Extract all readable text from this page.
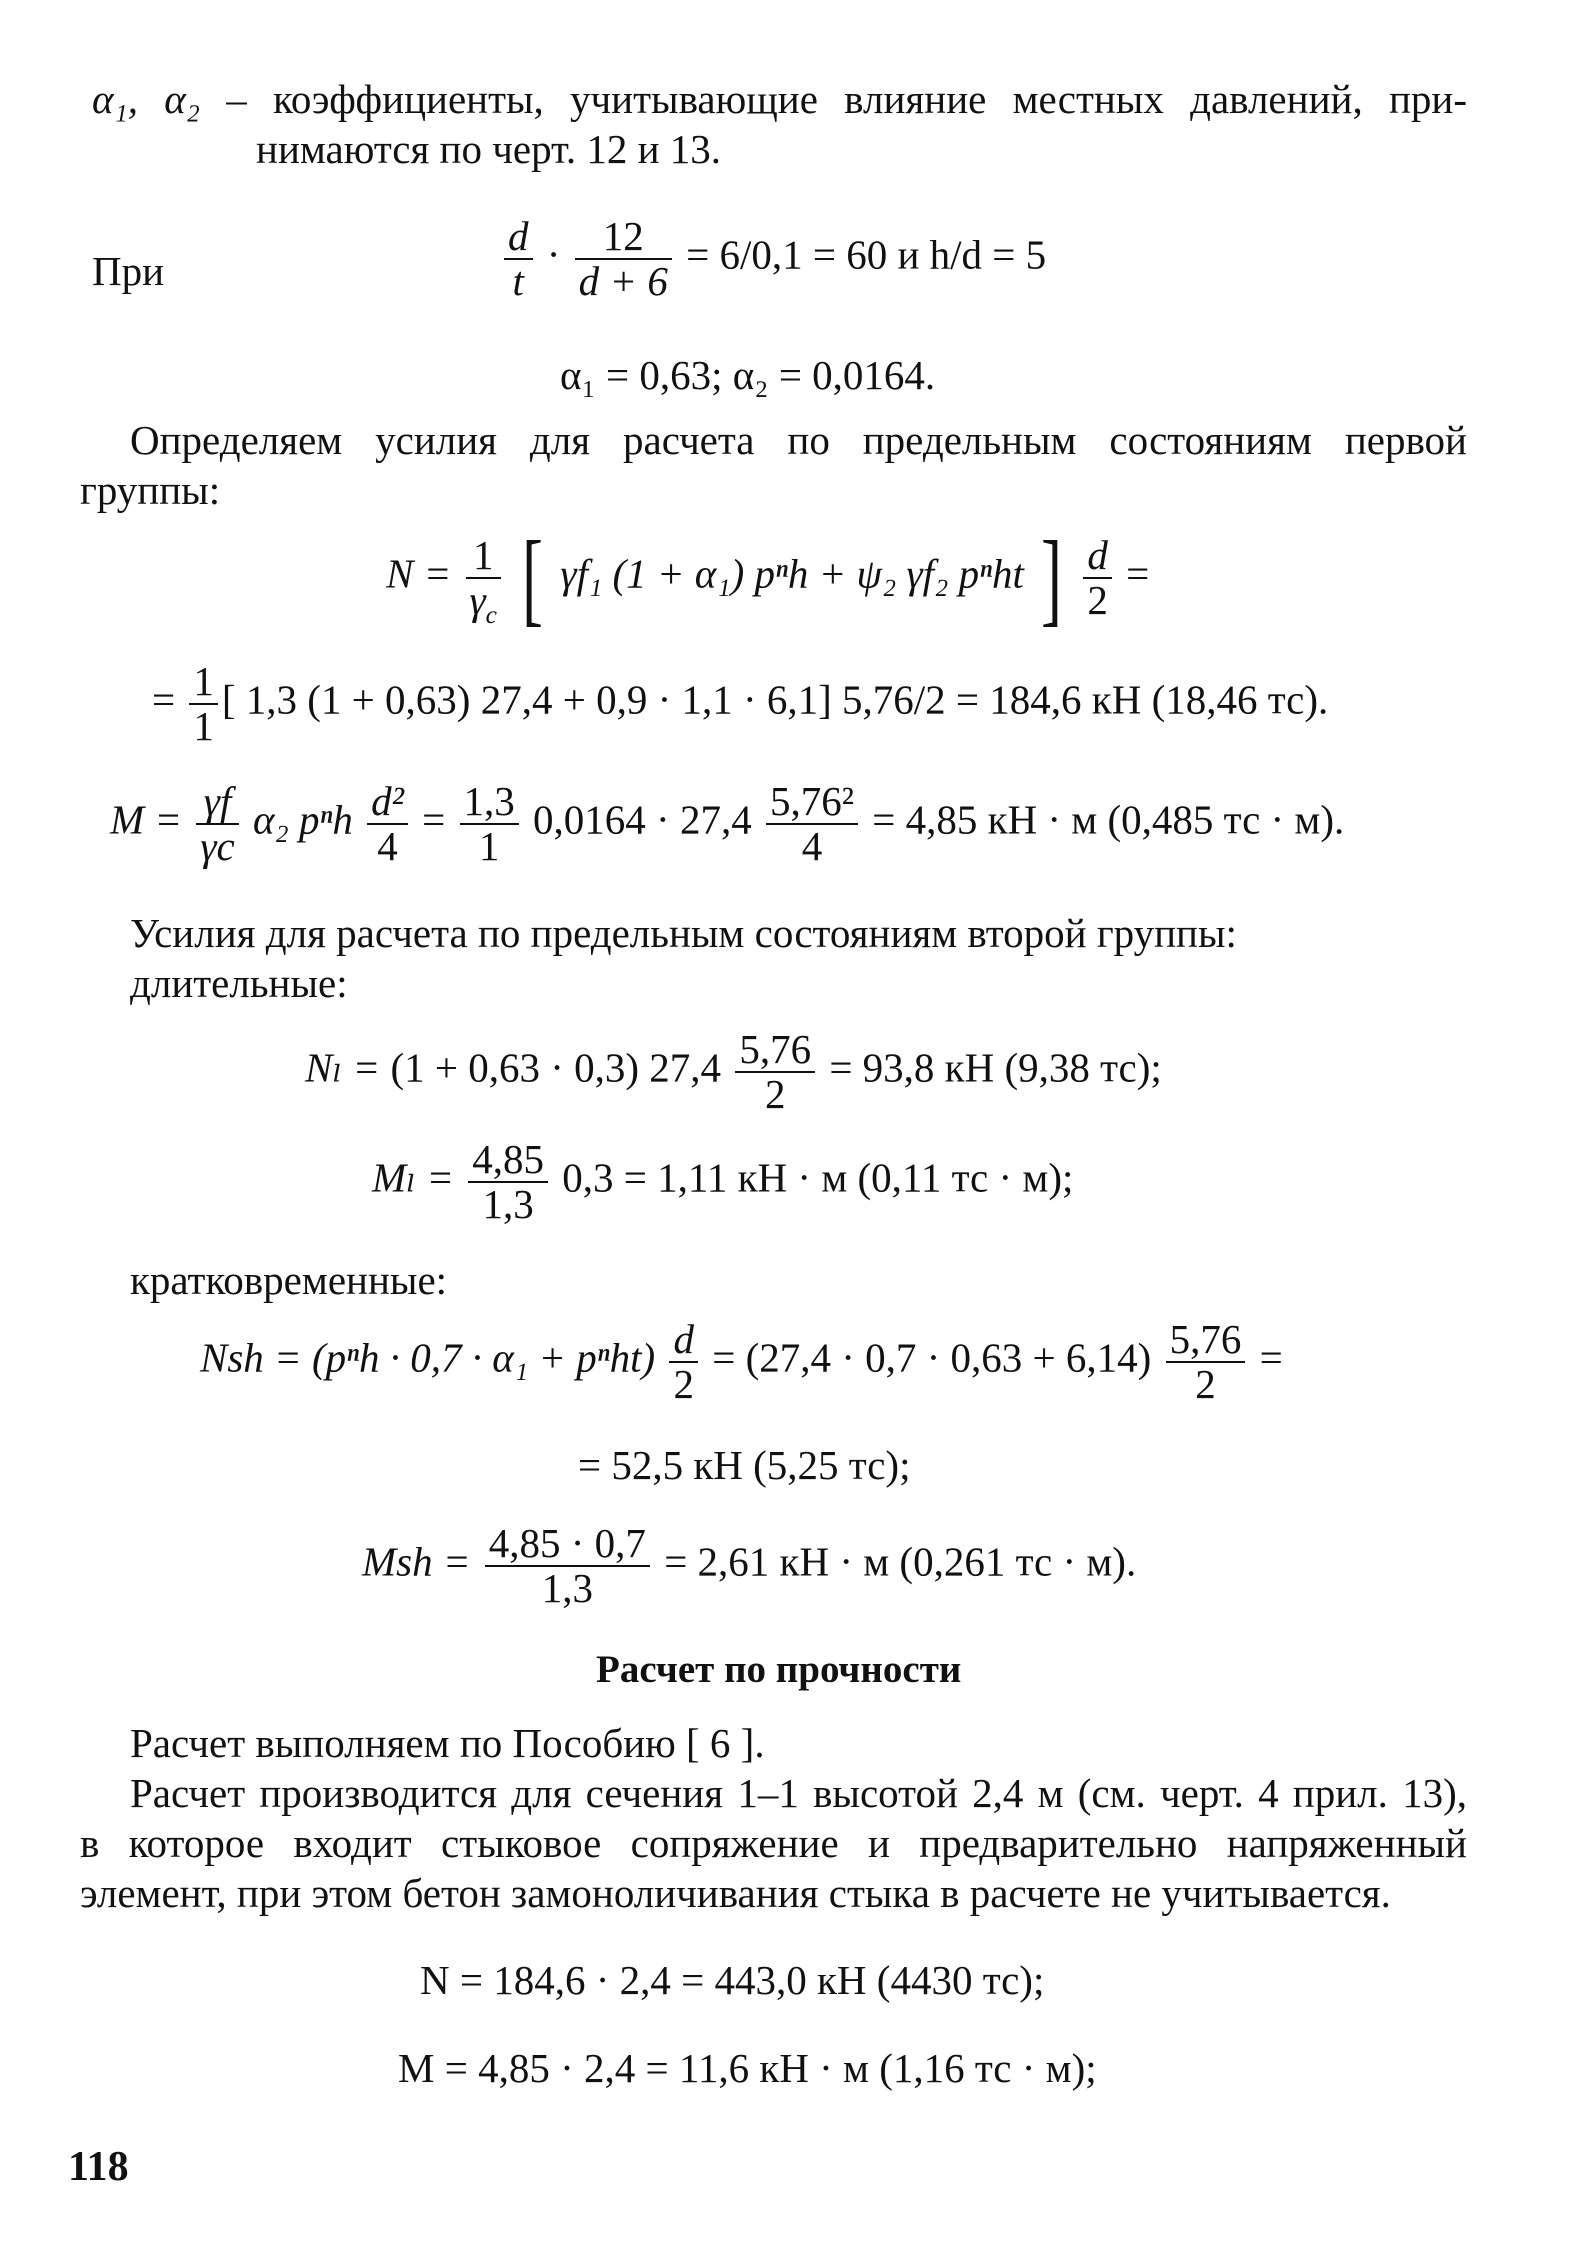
α₁, α₂ – коэффициенты, учитывающие влияние местных давлений, при-
нимаются по черт. 12 и 13.
При	$\frac{d}{t} \cdot \frac{12}{d + 6} = 6/0,1 = 60$ и h/d = 5
α₁ = 0,63; α₂ = 0,0164.
Определяем усилия для расчета по предельным состояниям первой
группы:
$N = \frac{1}{\gamma_c}$ [ γf₁ (1 + α₁) pⁿh + ψ₂ γf₂ pⁿht ] $\frac{d}{2}$ =
= $\frac{1}{1}$ [ 1,3 (1 + 0,63) 27,4 + 0,9 · 1,1 · 6,1] 5,76/2 = 184,6 кН (18,46 тс).
$M = \frac{\gamma f}{\gamma c} \alpha_2$ pⁿh $\frac{\text{d²}}{4} = \frac{1,3}{1} 0,0164 \cdot 27,4 \frac{\text{5,76²}}{4} = 4,85$ кН · м (0,485 тс · м).
Усилия для расчета по предельным состояниям второй группы:
длительные:
Nₗ = (1 + 0,63 · 0,3) $27,4 \frac{5,76}{2} = 93,8$ кН (9,38 тс);
$M_l = \frac{4,85}{1,3} 0,3 = 1,11$ кН · м (0,11 тс · м);
кратковременные:
Nsh = $(p^nh \cdot 0,7 \cdot \alpha_1 + p^nht) \frac{d}{2} = (27,4 \cdot 0,7 \cdot 0,63 + 6,14) \frac{5,76}{2}$ =
= 52,5 кН (5,25 тс);
Msh = $\frac{4,85 \cdot 0,7}{1,3} = 2,61$ кН · м (0,261 тс · м).
Расчет по прочности
Расчет выполняем по Пособию [ 6 ].
Расчет производится для сечения 1–1 высотой 2,4 м (см. черт. 4 прил. 13),
в которое входит стыковое сопряжение и предварительно напряженный
элемент, при этом бетон замоноличивания стыка в расчете не учитывается.
N = 184,6 · 2,4 = 443,0 кН (4430 тс);
M = 4,85 · 2,4 = 11,6 кН · м (1,16 тс · м);
118
